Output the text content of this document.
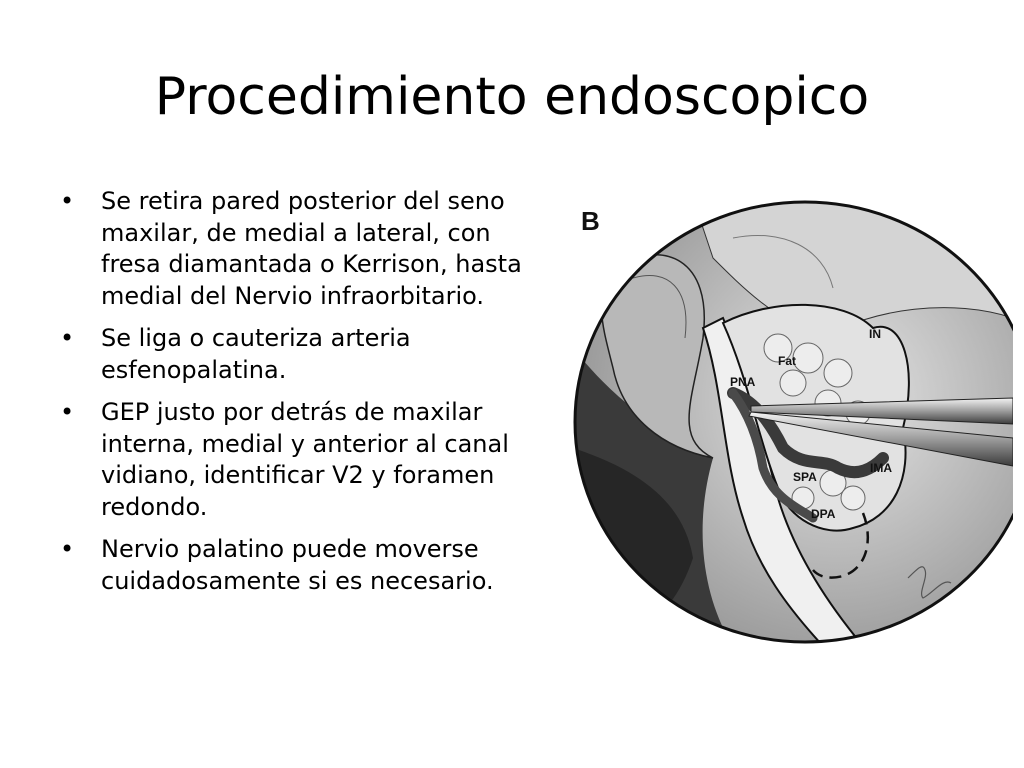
Procedimiento endoscopico
• Se retira pared posterior del seno maxilar, de medial a lateral, con fresa diamantada o Kerrison, hasta medial del Nervio infraorbitario.
• Se liga o cauteriza arteria esfenopalatina.
• GEP justo por detrás de maxilar interna, medial y anterior al canal vidiano, identificar V2 y foramen redondo.
• Nervio palatino puede moverse cuidadosamente si es necesario.
B
IN
Fat
PNA
SPA
IMA
DPA
